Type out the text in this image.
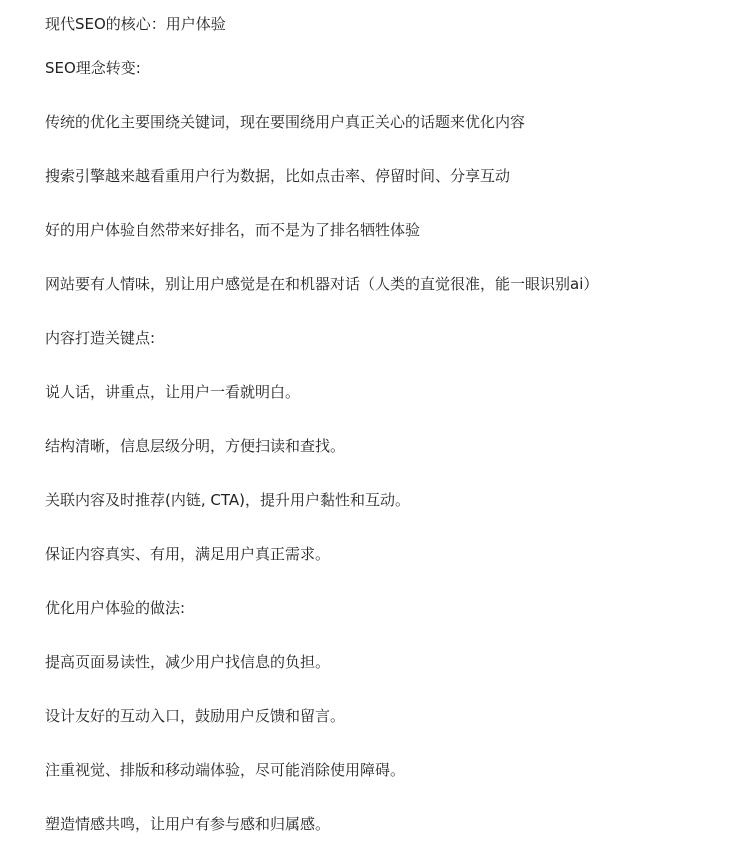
现代SEO的核心：用户体验
SEO理念转变:
传统的优化主要围绕关键词，现在要围绕用户真正关心的话题来优化内容
搜索引擎越来越看重用户行为数据，比如点击率、停留时间、分享互动
好的用户体验自然带来好排名，而不是为了排名牺牲体验
网站要有人情味，别让用户感觉是在和机器对话（人类的直觉很准，能一眼识别ai）
内容打造关键点:
说人话，讲重点，让用户一看就明白。
结构清晰，信息层级分明，方便扫读和查找。
关联内容及时推荐(内链, CTA)，提升用户黏性和互动。
保证内容真实、有用，满足用户真正需求。
优化用户体验的做法:
提高页面易读性，减少用户找信息的负担。
设计友好的互动入口，鼓励用户反馈和留言。
注重视觉、排版和移动端体验，尽可能消除使用障碍。
塑造情感共鸣，让用户有参与感和归属感。
